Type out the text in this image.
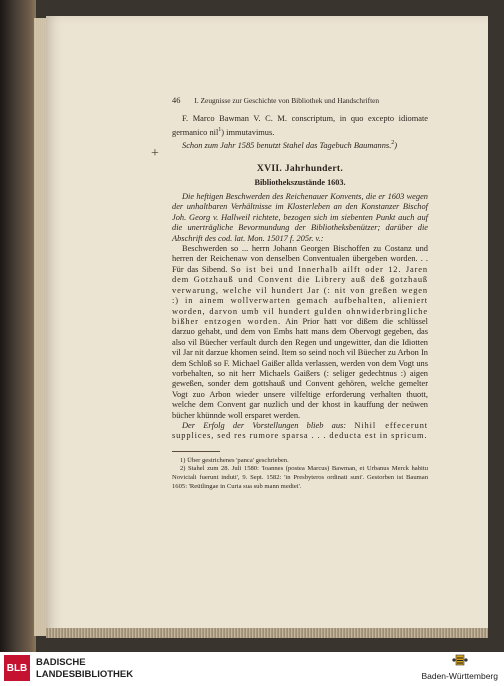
+
46 I. Zeugnisse zur Geschichte von Bibliothek und Handschriften

F. Marco Bawman V. C. M. conscriptum, in quo excepto idiomate germanico nil$^1$) immutavimus.

Schon zum Jahr 1585 benutzt Stahel das Tagebuch Baumanns.$^2$)

XVII. Jahrhundert.
Bibliothekszustände 1603.

Die heftigen Beschwerden des Reichenauer Konvents, die er 1603 wegen der unhaltbaren Verhältnisse im Klosterleben an den Konstanzer Bischof Joh. Georg v. Hallweil richtete, bezogen sich im siebenten Punkt auch auf die unerträgliche Bevormundung der Bibliotheksbenützer; darüber die Abschrift des cod. lat. Mon. 15017 f. 205r. v.:

Beschwerden so ... herrn Johann Georgen Bischoffen zu Costanz und herren der Reichenaw von denselben Conventualen übergeben worden. . . Für das Sibend. So ist bei und Innerhalb ailft oder 12. Jaren dem Gotzhauß und Convent die Librery auß deß gotzhauß verwarung, welche vil hundert Jar (: nit von greßen wegen :) in ainem wollverwarten gemach aufbehalten, alieniert worden, darvon umb vil hundert gulden ohnwiderbringliche bißher entzogen worden. Ain Prior hatt vor dißem die schlüssel darzuo gehabt, und dem von Embs hatt mans dem Obervogt gegeben, das also vil Büecher verfault durch den Regen und ungewitter, dan die Idiotten vil Jar nit darzue khomen seind. Item so seind noch vil Büecher zu Arbon In dem Schloß so F. Michael Gaißer allda verlassen, werden von dem Vogt uns vorbehalten, so nit herr Michaels Gaißers (: seliger gedechtnus :) aigen geweßen, sonder dem gottshauß und Convent gehören, welche gemelter Vogt zuo Arbon wieder unsere vilfeltige erforderung verhalten thuott, welche dem Convent gar nuzlich und der khost in kauffung der neüwen bücher khünnde woll ersparet werden.

Der Erfolg der Vorstellungen blieb aus: Nihil effecerunt supplices, sed res rumore sparsa . . . deducta est in spricum.

1) Über gestrichenes 'panca' geschrieben.

2) Stahel zum 28. Juli 1580: 'Ioannes (postea Marcus) Bawman, et Urbanus Merck habitu Noviciali fuerunt induti', 9. Sept. 1582: 'in Presbyteros ordinati sunt'. Gestorben ist Bauman 1605: 'Reütlingae in Curia sua sub mann mediei'.

BLB BADISCHE
LANDESBIBLIOTHEK	Baden-Württemberg
